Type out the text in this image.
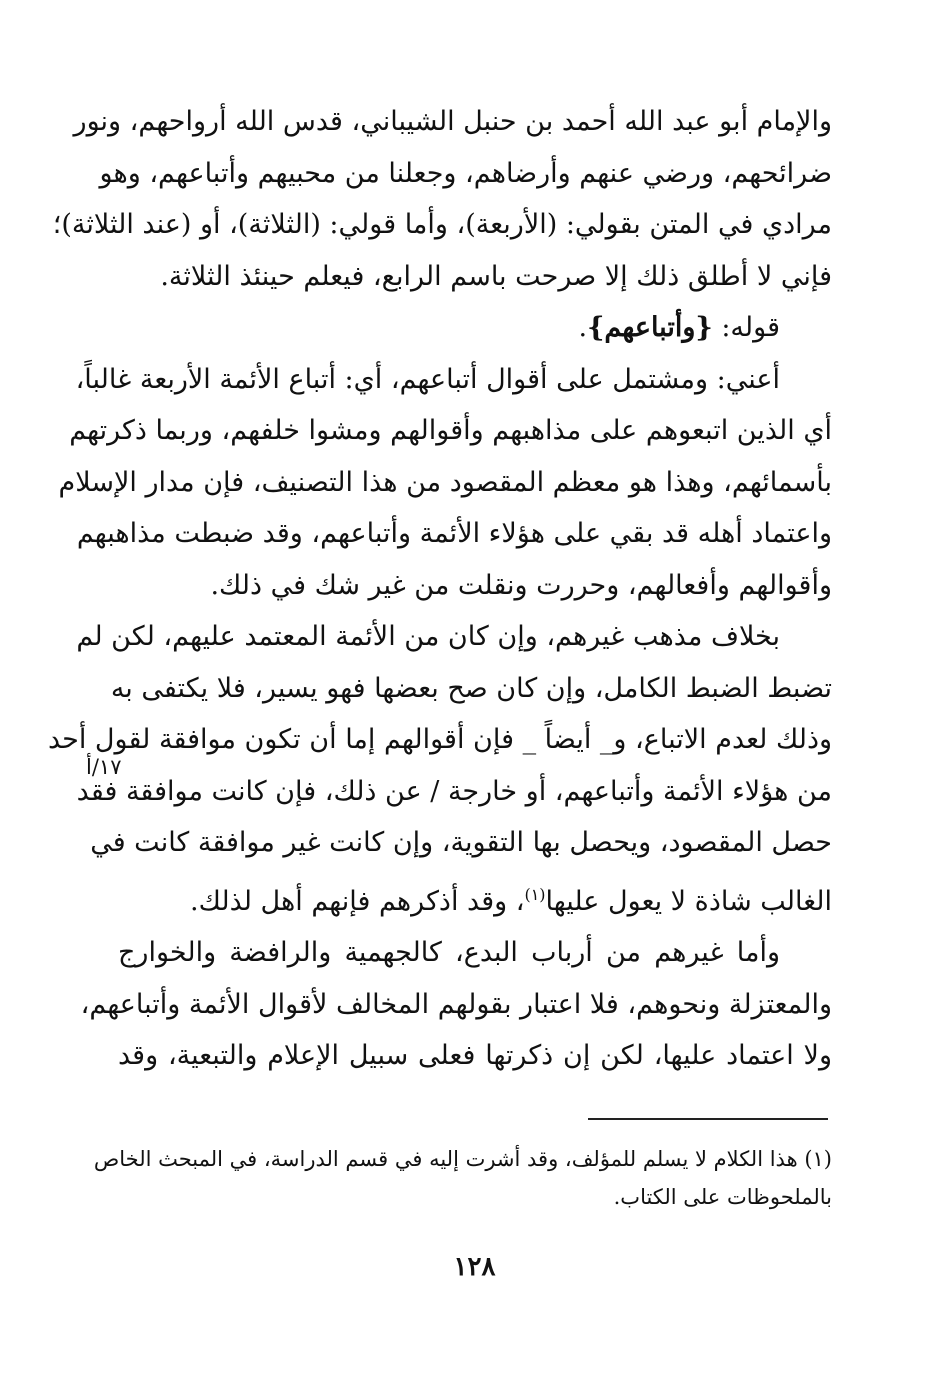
والإمام أبو عبد الله أحمد بن حنبل الشيباني، قدس الله أرواحهم، ونور
ضرائحهم، ورضي عنهم وأرضاهم، وجعلنا من محبيهم وأتباعهم، وهو
مرادي في المتن بقولي: (الأربعة)، وأما قولي: (الثلاثة)، أو (عند الثلاثة)؛
فإني لا أطلق ذلك إلا صرحت باسم الرابع، فيعلم حينئذ الثلاثة.

قوله: {وأتباعهم}.

أعني: ومشتمل على أقوال أتباعهم، أي: أتباع الأئمة الأربعة غالباً،
أي الذين اتبعوهم على مذاهبهم وأقوالهم ومشوا خلفهم، وربما ذكرتهم
بأسمائهم، وهذا هو معظم المقصود من هذا التصنيف، فإن مدار الإسلام
واعتماد أهله قد بقي على هؤلاء الأئمة وأتباعهم، وقد ضبطت مذاهبهم
وأقوالهم وأفعالهم، وحررت ونقلت من غير شك في ذلك.

بخلاف مذهب غيرهم، وإن كان من الأئمة المعتمد عليهم، لكن لم
تضبط الضبط الكامل، وإن كان صح بعضها فهو يسير، فلا يكتفى به
وذلك لعدم الاتباع، و_ أيضاً _ فإن أقوالهم إما أن تكون موافقة لقول أحد
من هؤلاء الأئمة وأتباعهم، أو خارجة / عن ذلك، فإن كانت موافقة فقد
حصل المقصود، ويحصل بها التقوية، وإن كانت غير موافقة كانت في
الغالب شاذة لا يعول عليها$^{(١)}$، وقد أذكرهم فإنهم أهل لذلك.

وأما غيرهم من أرباب البدع، كالجهمية والرافضة والخوارج
والمعتزلة ونحوهم، فلا اعتبار بقولهم المخالف لأقوال الأئمة وأتباعهم،
ولا اعتماد عليها، لكن إن ذكرتها فعلى سبيل الإعلام والتبعية، وقد

١٧/أ
(١) هذا الكلام لا يسلم للمؤلف، وقد أشرت إليه في قسم الدراسة، في المبحث الخاص
بالملحوظات على الكتاب.
١٢٨
